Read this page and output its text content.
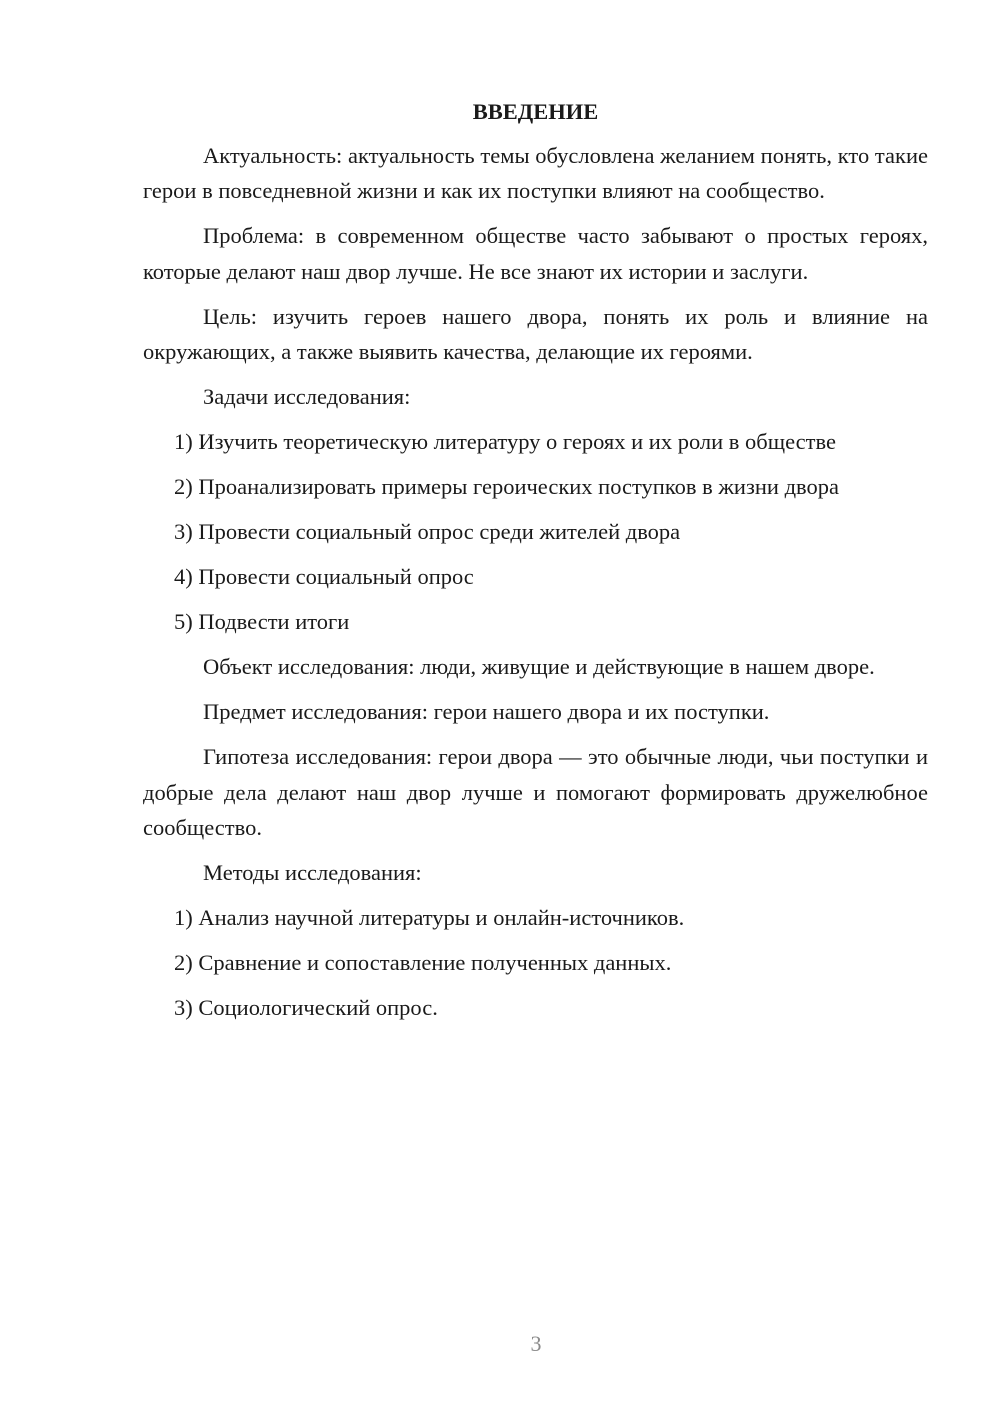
ВВЕДЕНИЕ
Актуальность: актуальность темы обусловлена желанием понять, кто такие герои в повседневной жизни и как их поступки влияют на сообщество.
Проблема: в современном обществе часто забывают о простых героях, которые делают наш двор лучше. Не все знают их истории и заслуги.
Цель: изучить героев нашего двора, понять их роль и влияние на окружающих, а также выявить качества, делающие их героями.
Задачи исследования:
1) Изучить теоретическую литературу о героях и их роли в обществе
2) Проанализировать примеры героических поступков в жизни двора
3) Провести социальный опрос среди жителей двора
4) Провести социальный опрос
5) Подвести итоги
Объект исследования: люди, живущие и действующие в нашем дворе.
Предмет исследования: герои нашего двора и их поступки.
Гипотеза исследования: герои двора — это обычные люди, чьи поступки и добрые дела делают наш двор лучше и помогают формировать дружелюбное сообщество.
Методы исследования:
1) Анализ научной литературы и онлайн-источников.
2) Сравнение и сопоставление полученных данных.
3) Социологический опрос.
3
